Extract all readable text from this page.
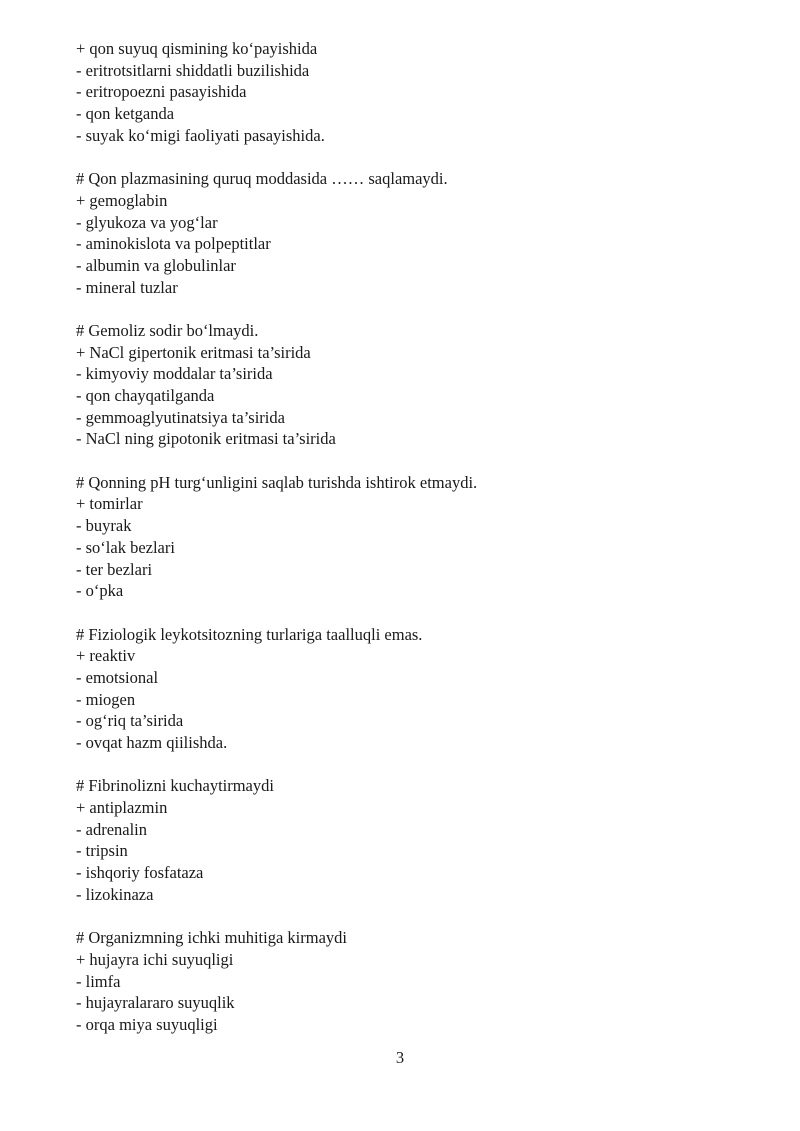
+ qon suyuq qismining ko‘payishida
- eritrotsitlarni shiddatli buzilishida
- eritropoezni pasayishida
- qon ketganda
- suyak ko‘migi faoliyati pasayishida.
# Qon plazmasining quruq moddasida …… saqlamaydi.
+ gemoglabin
- glyukoza va yog‘lar
- aminokislota va polpeptitlar
- albumin va globulinlar
- mineral tuzlar
# Gemoliz sodir bo‘lmaydi.
+ NaCl gipertonik eritmasi ta’sirida
- kimyoviy moddalar ta’sirida
- qon chayqatilganda
- gemmoaglyutinatsiya ta’sirida
- NaCl ning gipotonik eritmasi ta’sirida
# Qonning pH turg‘unligini saqlab turishda ishtirok etmaydi.
+ tomirlar
- buyrak
- so‘lak bezlari
- ter bezlari
- o‘pka
# Fiziologik leykotsitozning turlariga taalluqli emas.
+ reaktiv
- emotsional
- miogen
- og‘riq ta’sirida
- ovqat hazm qiilishda.
# Fibrinolizni kuchaytirmaydi
+ antiplazmin
- adrenalin
- tripsin
- ishqoriy fosfataza
- lizokinaza
# Organizmning ichki muhitiga kirmaydi
+ hujayra ichi suyuqligi
- limfa
- hujayralararo suyuqlik
- orqa miya suyuqligi
3
